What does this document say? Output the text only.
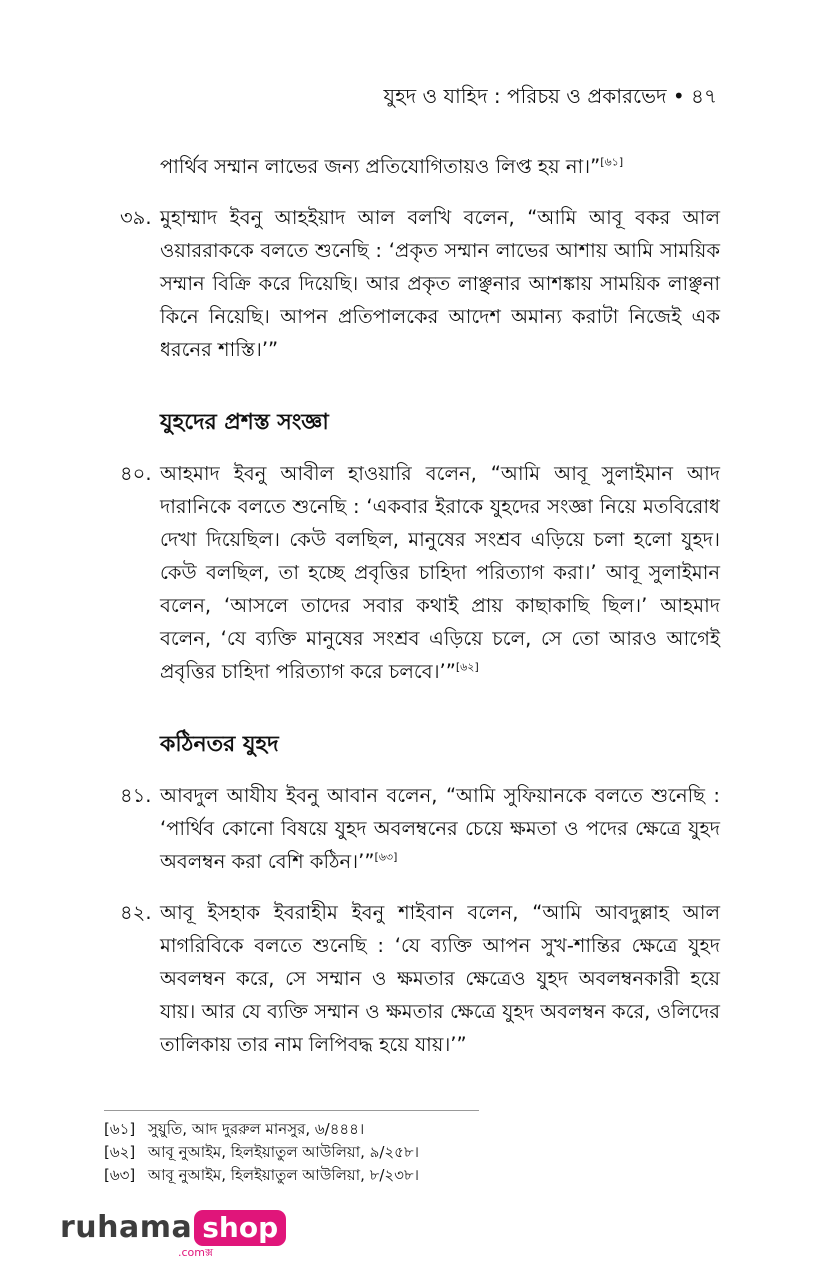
যুহদ ও যাহিদ : পরিচয় ও প্রকারভেদ • ৪৭

পার্থিব সম্মান লাভের জন্য প্রতিযোগিতায়ও লিপ্ত হয় না।”[৬১]

৩৯. মুহাম্মাদ ইবনু আহইয়াদ আল বলখি বলেন, “আমি আবূ বকর আল ওয়াররাককে বলতে শুনেছি : ‘প্রকৃত সম্মান লাভের আশায় আমি সাময়িক সম্মান বিক্রি করে দিয়েছি। আর প্রকৃত লাঞ্ছনার আশঙ্কায় সাময়িক লাঞ্ছনা কিনে নিয়েছি। আপন প্রতিপালকের আদেশ অমান্য করাটা নিজেই এক ধরনের শাস্তি।’”
যুহদের প্রশস্ত সংজ্ঞা
৪০. আহমাদ ইবনু আবীল হাওয়ারি বলেন, “আমি আবূ সুলাইমান আদ দারানিকে বলতে শুনেছি : ‘একবার ইরাকে যুহদের সংজ্ঞা নিয়ে মতবিরোধ দেখা দিয়েছিল। কেউ বলছিল, মানুষের সংশ্রব এড়িয়ে চলা হলো যুহদ। কেউ বলছিল, তা হচ্ছে প্রবৃত্তির চাহিদা পরিত্যাগ করা।’ আবূ সুলাইমান বলেন, ‘আসলে তাদের সবার কথাই প্রায় কাছাকাছি ছিল।’ আহমাদ বলেন, ‘যে ব্যক্তি মানুষের সংশ্রব এড়িয়ে চলে, সে তো আরও আগেই প্রবৃত্তির চাহিদা পরিত্যাগ করে চলবে।’”[৬২]
কঠিনতর যুহদ
৪১. আবদুল আযীয ইবনু আবান বলেন, “আমি সুফিয়ানকে বলতে শুনেছি : ‘পার্থিব কোনো বিষয়ে যুহদ অবলম্বনের চেয়ে ক্ষমতা ও পদের ক্ষেত্রে যুহদ অবলম্বন করা বেশি কঠিন।’”[৬৩]
৪২. আবূ ইসহাক ইবরাহীম ইবনু শাইবান বলেন, “আমি আবদুল্লাহ আল মাগরিবিকে বলতে শুনেছি : ‘যে ব্যক্তি আপন সুখ-শান্তির ক্ষেত্রে যুহদ অবলম্বন করে, সে সম্মান ও ক্ষমতার ক্ষেত্রেও যুহদ অবলম্বনকারী হয়ে যায়। আর যে ব্যক্তি সম্মান ও ক্ষমতার ক্ষেত্রে যুহদ অবলম্বন করে, ওলিদের তালিকায় তার নাম লিপিবদ্ধ হয়ে যায়।’”
[৬১] সুয়ুতি, আদ দুররুল মানসুর, ৬/৪৪৪।
[৬২] আবূ নুআইম, হিলইয়াতুল আউলিয়া, ৯/২৫৮।
[৬৩] আবূ নুআইম, হিলইয়াতুল আউলিয়া, ৮/২৩৮।
ruhama shop
.comক্স
